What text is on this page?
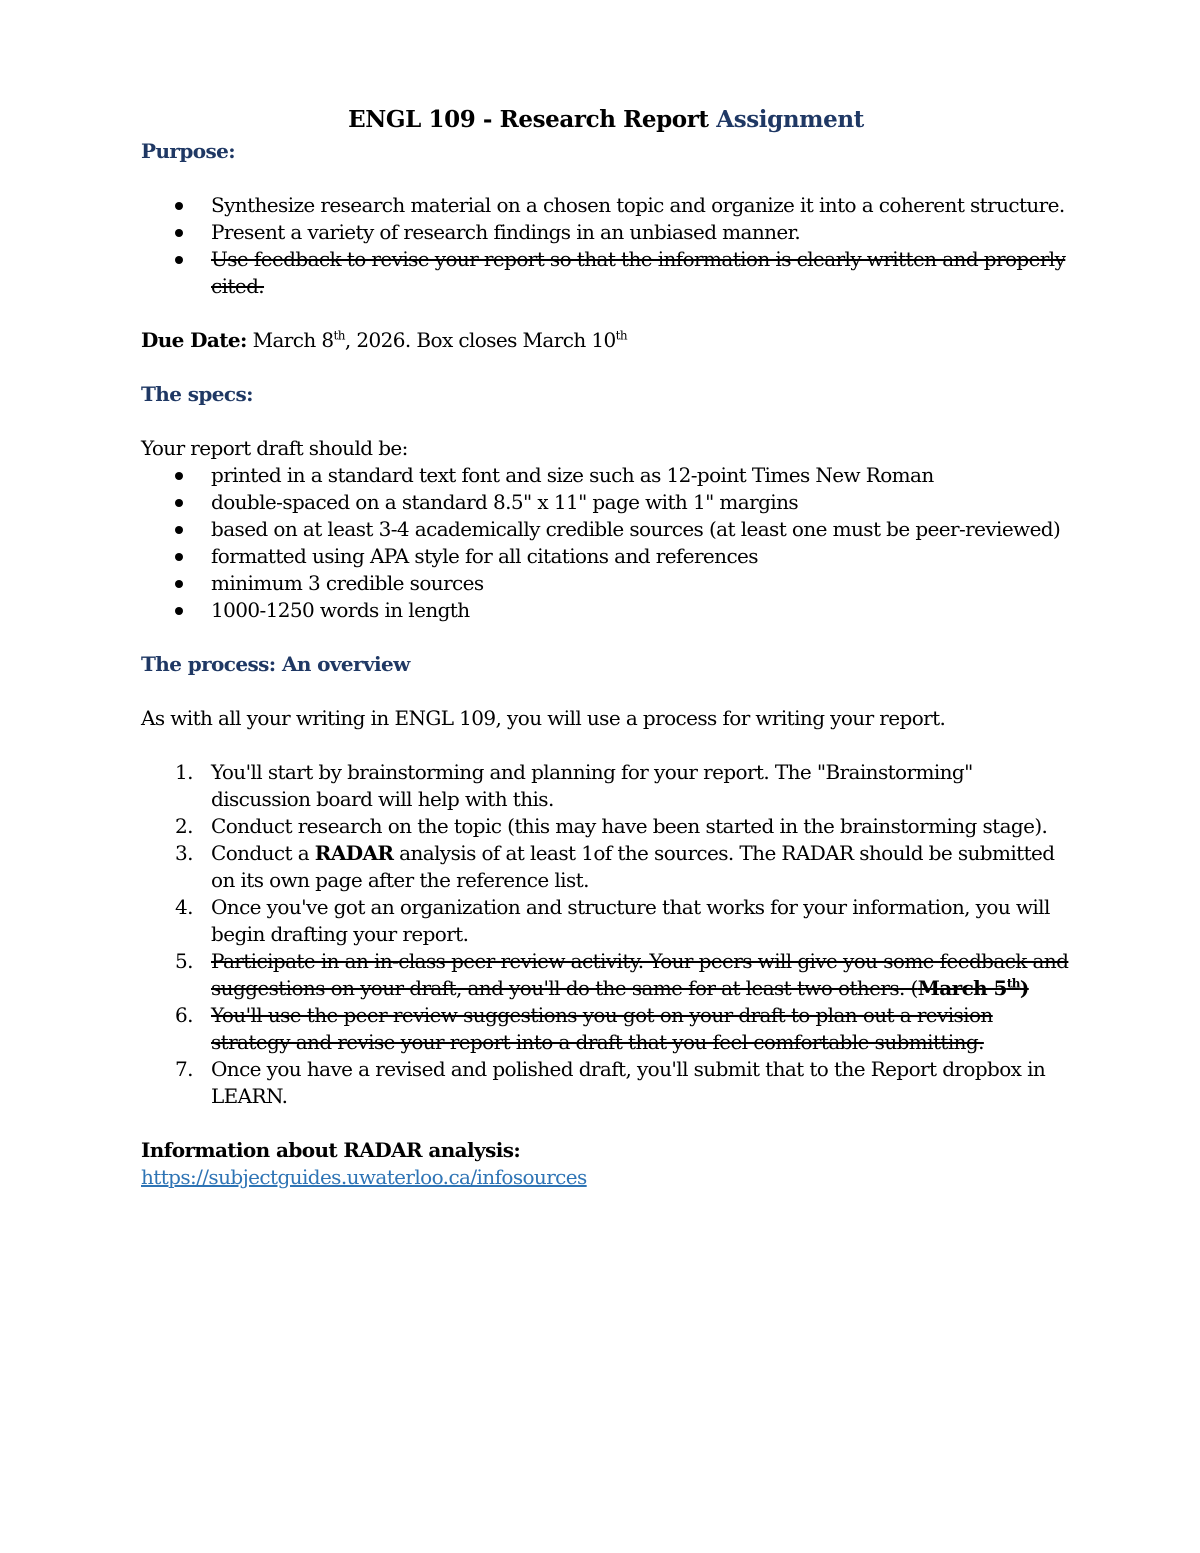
ENGL 109 - Research Report Assignment

Purpose:

Synthesize research material on a chosen topic and organize it into a coherent structure.
Present a variety of research findings in an unbiased manner.
Use feedback to revise your report so that the information is clearly written and properly cited.

Due Date: March 8th, 2026. Box closes March 10th

The specs:

Your report draft should be:

printed in a standard text font and size such as 12-point Times New Roman
double-spaced on a standard 8.5" x 11" page with 1" margins
based on at least 3-4 academically credible sources (at least one must be peer-reviewed)
formatted using APA style for all citations and references
minimum 3 credible sources
1000-1250 words in length

The process: An overview

As with all your writing in ENGL 109, you will use a process for writing your report.

1. You'll start by brainstorming and planning for your report. The "Brainstorming" discussion board will help with this.
2. Conduct research on the topic (this may have been started in the brainstorming stage).
3. Conduct a RADAR analysis of at least 1of the sources. The RADAR should be submitted on its own page after the reference list.
4. Once you've got an organization and structure that works for your information, you will begin drafting your report.
5. Participate in an in-class peer review activity. Your peers will give you some feedback and suggestions on your draft, and you'll do the same for at least two others. (March 5th)
6. You'll use the peer review suggestions you got on your draft to plan out a revision strategy and revise your report into a draft that you feel comfortable submitting.
7. Once you have a revised and polished draft, you'll submit that to the Report dropbox in LEARN.

Information about RADAR analysis:

https://subjectguides.uwaterloo.ca/infosources
